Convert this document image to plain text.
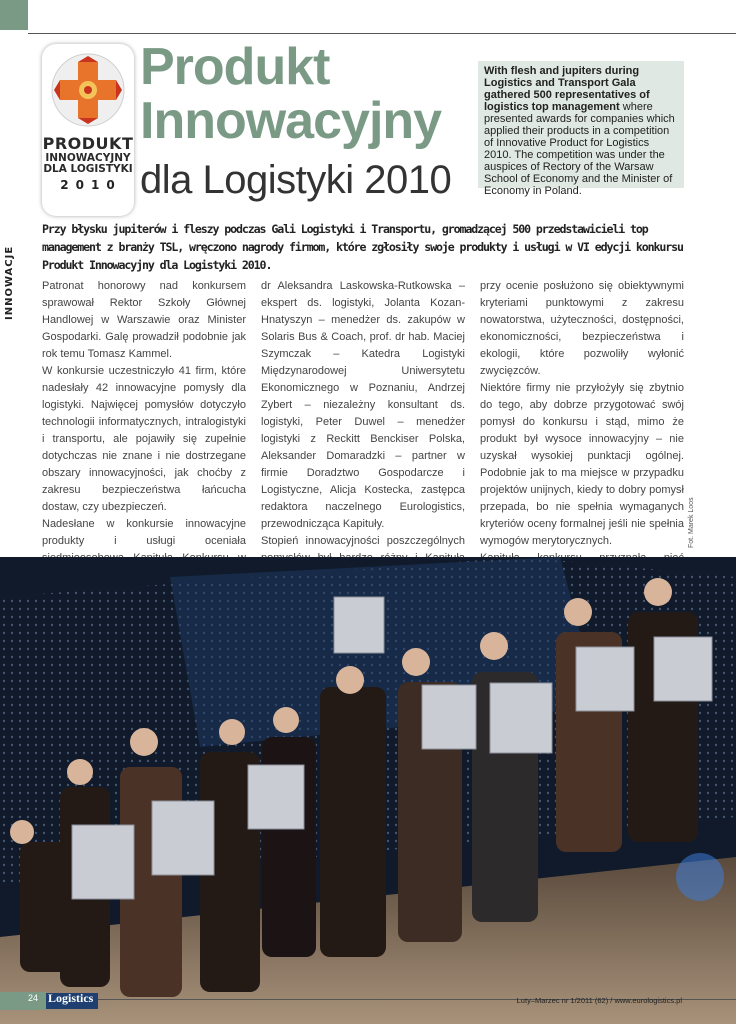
PRODUKT
INNOWACYJNY
DLA LOGISTYKI
2010
Produkt
Innowacyjny
dla Logistyki 2010
With flesh and jupiters during Logistics and Transport Gala gathered 500 representatives of logistics top management where presented awards for companies which applied their products in a competition of Innovative Product for Logistics 2010. The competition was under the auspices of Rectory of the Warsaw School of Economy and the Minister of Economy in Poland.
INNOWACJE
Przy błysku jupiterów i fleszy podczas Gali Logistyki i Transportu, gromadzącej 500 przedstawicieli top management z branży TSL, wręczono nagrody firmom, które zgłosiły swoje produkty i usługi w VI edycji konkursu Produkt Innowacyjny dla Logistyki 2010.

Patronat honorowy nad konkursem sprawował Rektor Szkoły Głównej Handlowej w Warszawie oraz Minister Gospodarki. Galę prowadził podobnie jak rok temu Tomasz Kammel.

W konkursie uczestniczyło 41 firm, które nadesłały 42 innowacyjne pomysły dla logistyki. Najwięcej pomysłów dotyczyło technologii informatycznych, intralogistyki i transportu, ale pojawiły się zupełnie dotychczas nie znane i nie dostrzegane obszary innowacyjności, jak choćby z zakresu bezpieczeństwa łańcucha dostaw, czy ubezpieczeń.

Nadesłane w konkursie innowacyjne produkty i usługi oceniała

dr Aleksandra Laskowska-Rutkowska – ekspert ds. logistyki, Jolanta Kozan-Hnatyszyn – menedżer ds. zakupów w Solaris Bus & Coach, prof. dr hab. Maciej Szymczak – Katedra Logistyki Międzynarodowej Uniwersytetu Ekonomicznego w Poznaniu, Andrzej Zybert – niezależny konsultant ds. logistyki, Peter Duwel – menedżer logistyki z Reckitt Benckiser Polska, Aleksander Domaradzki – partner w firmie Doradztwo Gospodarcze i Logistyczne, Alicja Kostecka, zastępca redaktora naczelnego Eurologistics, przewodnicząca Kapituły.

Stopień innowacyjności poszczególnych

przy ocenie posłużono się obiektywnymi kryteriami punktowymi z zakresu nowatorstwa, użyteczności, dostępności, ekonomiczności, bezpieczeństwa i ekologii, które pozwoliły wyłonić zwycięzców.

Niektóre firmy nie przyłożyły się zbytnio do tego, aby dobrze przygotować swój pomysł do konkursu i stąd, mimo że produkt był wysoce innowacyjny – nie uzyskał wysokiej punktacji ogólnej. Podobnie jak to ma miejsce w przypadku projektów unijnych, kiedy to dobry pomysł przepada, bo nie spełnia wymaganych kryteriów oceny formalnej jeśli nie spełnia wymogów merytorycznych.	Fot. Marek Loos
24 Logistics	Luty–Marzec nr 1/2011 (62) / www.eurologistics.pl
